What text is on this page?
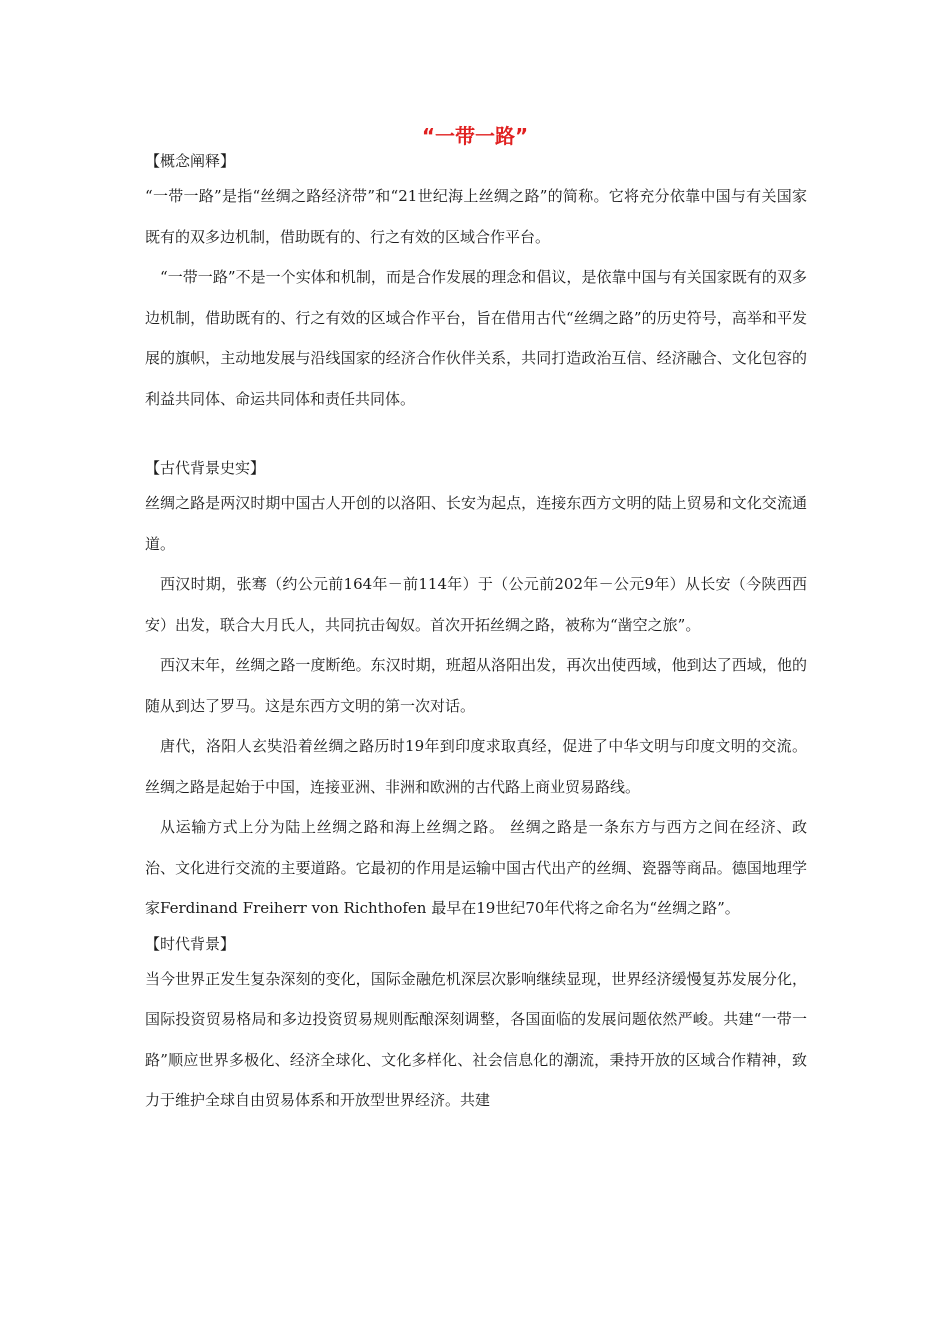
“一带一路”
【概念阐释】

“一带一路”是指“丝绸之路经济带”和“21世纪海上丝绸之路”的简称。它将充分依靠中国与有关国家既有的双多边机制，借助既有的、行之有效的区域合作平台。

“一带一路”不是一个实体和机制，而是合作发展的理念和倡议，是依靠中国与有关国家既有的双多边机制，借助既有的、行之有效的区域合作平台，旨在借用古代“丝绸之路”的历史符号，高举和平发展的旗帜，主动地发展与沿线国家的经济合作伙伴关系，共同打造政治互信、经济融合、文化包容的利益共同体、命运共同体和责任共同体。

【古代背景史实】

丝绸之路是两汉时期中国古人开创的以洛阳、长安为起点，连接东西方文明的陆上贸易和文化交流通道。

西汉时期，张骞（约公元前164年－前114年）于（公元前202年－公元9年）从长安（今陕西西安）出发，联合大月氏人，共同抗击匈奴。首次开拓丝绸之路，被称为“凿空之旅”。

西汉末年，丝绸之路一度断绝。东汉时期，班超从洛阳出发，再次出使西域，他到达了西域，他的随从到达了罗马。这是东西方文明的第一次对话。

唐代，洛阳人玄奘沿着丝绸之路历时19年到印度求取真经，促进了中华文明与印度文明的交流。丝绸之路是起始于中国，连接亚洲、非洲和欧洲的古代路上商业贸易路线。

从运输方式上分为陆上丝绸之路和海上丝绸之路。 丝绸之路是一条东方与西方之间在经济、政治、文化进行交流的主要道路。它最初的作用是运输中国古代出产的丝绸、瓷器等商品。德国地理学家Ferdinand Freiherr von Richthofen 最早在19世纪70年代将之命名为“丝绸之路”。

【时代背景】

当今世界正发生复杂深刻的变化，国际金融危机深层次影响继续显现，世界经济缓慢复苏发展分化，国际投资贸易格局和多边投资贸易规则酝酿深刻调整，各国面临的发展问题依然严峻。共建“一带一路”顺应世界多极化、经济全球化、文化多样化、社会信息化的潮流，秉持开放的区域合作精神，致力于维护全球自由贸易体系和开放型世界经济。共建
